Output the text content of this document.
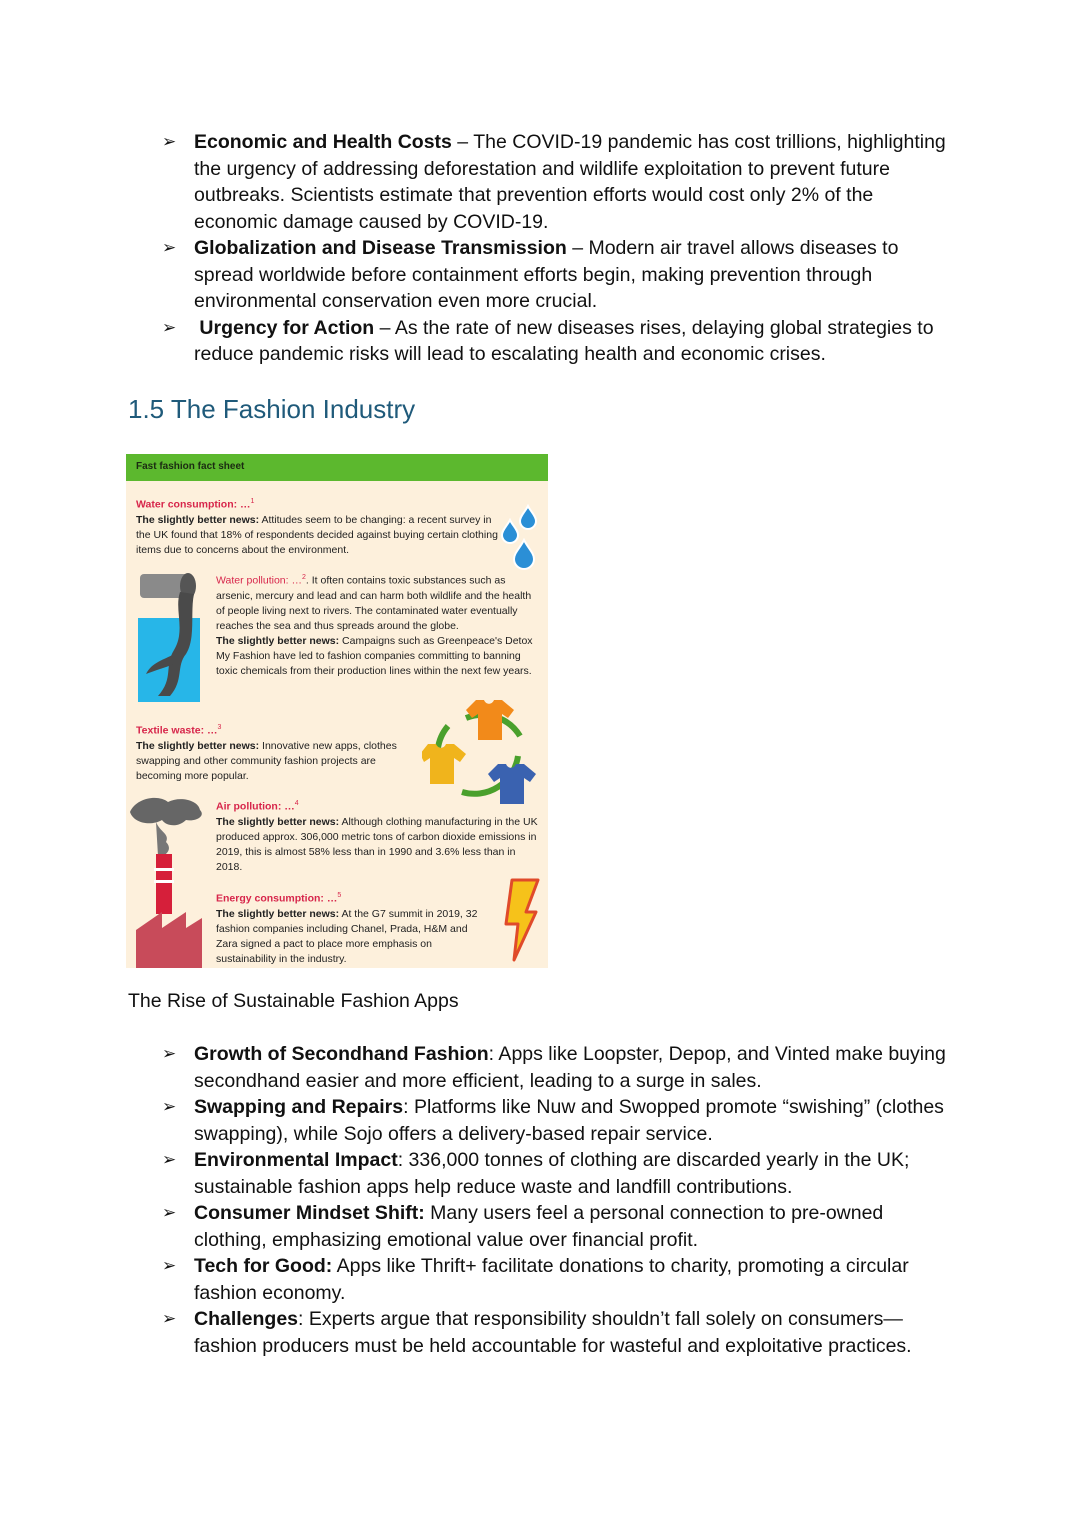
➢ Economic and Health Costs – The COVID-19 pandemic has cost trillions, highlighting the urgency of addressing deforestation and wildlife exploitation to prevent future outbreaks. Scientists estimate that prevention efforts would cost only 2% of the economic damage caused by COVID-19.
➢ Globalization and Disease Transmission – Modern air travel allows diseases to spread worldwide before containment efforts begin, making prevention through environmental conservation even more crucial.
➢ Urgency for Action – As the rate of new diseases rises, delaying global strategies to reduce pandemic risks will lead to escalating health and economic crises.
1.5 The Fashion Industry
Fast fashion fact sheet
Water consumption: …$^1$
The slightly better news: Attitudes seem to be changing: a recent survey in the UK found that 18% of respondents decided against buying certain clothing items due to concerns about the environment.
Water pollution: …$^2$. It often contains toxic substances such as arsenic, mercury and lead and can harm both wildlife and the health of people living next to rivers. The contaminated water eventually reaches the sea and thus spreads around the globe.
The slightly better news: Campaigns such as Greenpeace's Detox My Fashion have led to fashion companies committing to banning toxic chemicals from their production lines within the next few years.
Textile waste: …$^3$
The slightly better news: Innovative new apps, clothes swapping and other community fashion projects are becoming more popular.
Air pollution: …$^4$
The slightly better news: Although clothing manufacturing in the UK produced approx. 306,000 metric tons of carbon dioxide emissions in 2019, this is almost 58% less than in 1990 and 3.6% less than in 2018.
Energy consumption: …$^5$
The slightly better news: At the G7 summit in 2019, 32 fashion companies including Chanel, Prada, H&M and Zara signed a pact to place more emphasis on sustainability in the industry.
The Rise of Sustainable Fashion Apps
➢ Growth of Secondhand Fashion: Apps like Loopster, Depop, and Vinted make buying secondhand easier and more efficient, leading to a surge in sales.
➢ Swapping and Repairs: Platforms like Nuw and Swopped promote “swishing” (clothes swapping), while Sojo offers a delivery-based repair service.
➢ Environmental Impact: 336,000 tonnes of clothing are discarded yearly in the UK; sustainable fashion apps help reduce waste and landfill contributions.
➢ Consumer Mindset Shift: Many users feel a personal connection to pre-owned clothing, emphasizing emotional value over financial profit.
➢ Tech for Good: Apps like Thrift+ facilitate donations to charity, promoting a circular fashion economy.
➢ Challenges: Experts argue that responsibility shouldn’t fall solely on consumers—fashion producers must be held accountable for wasteful and exploitative practices.
